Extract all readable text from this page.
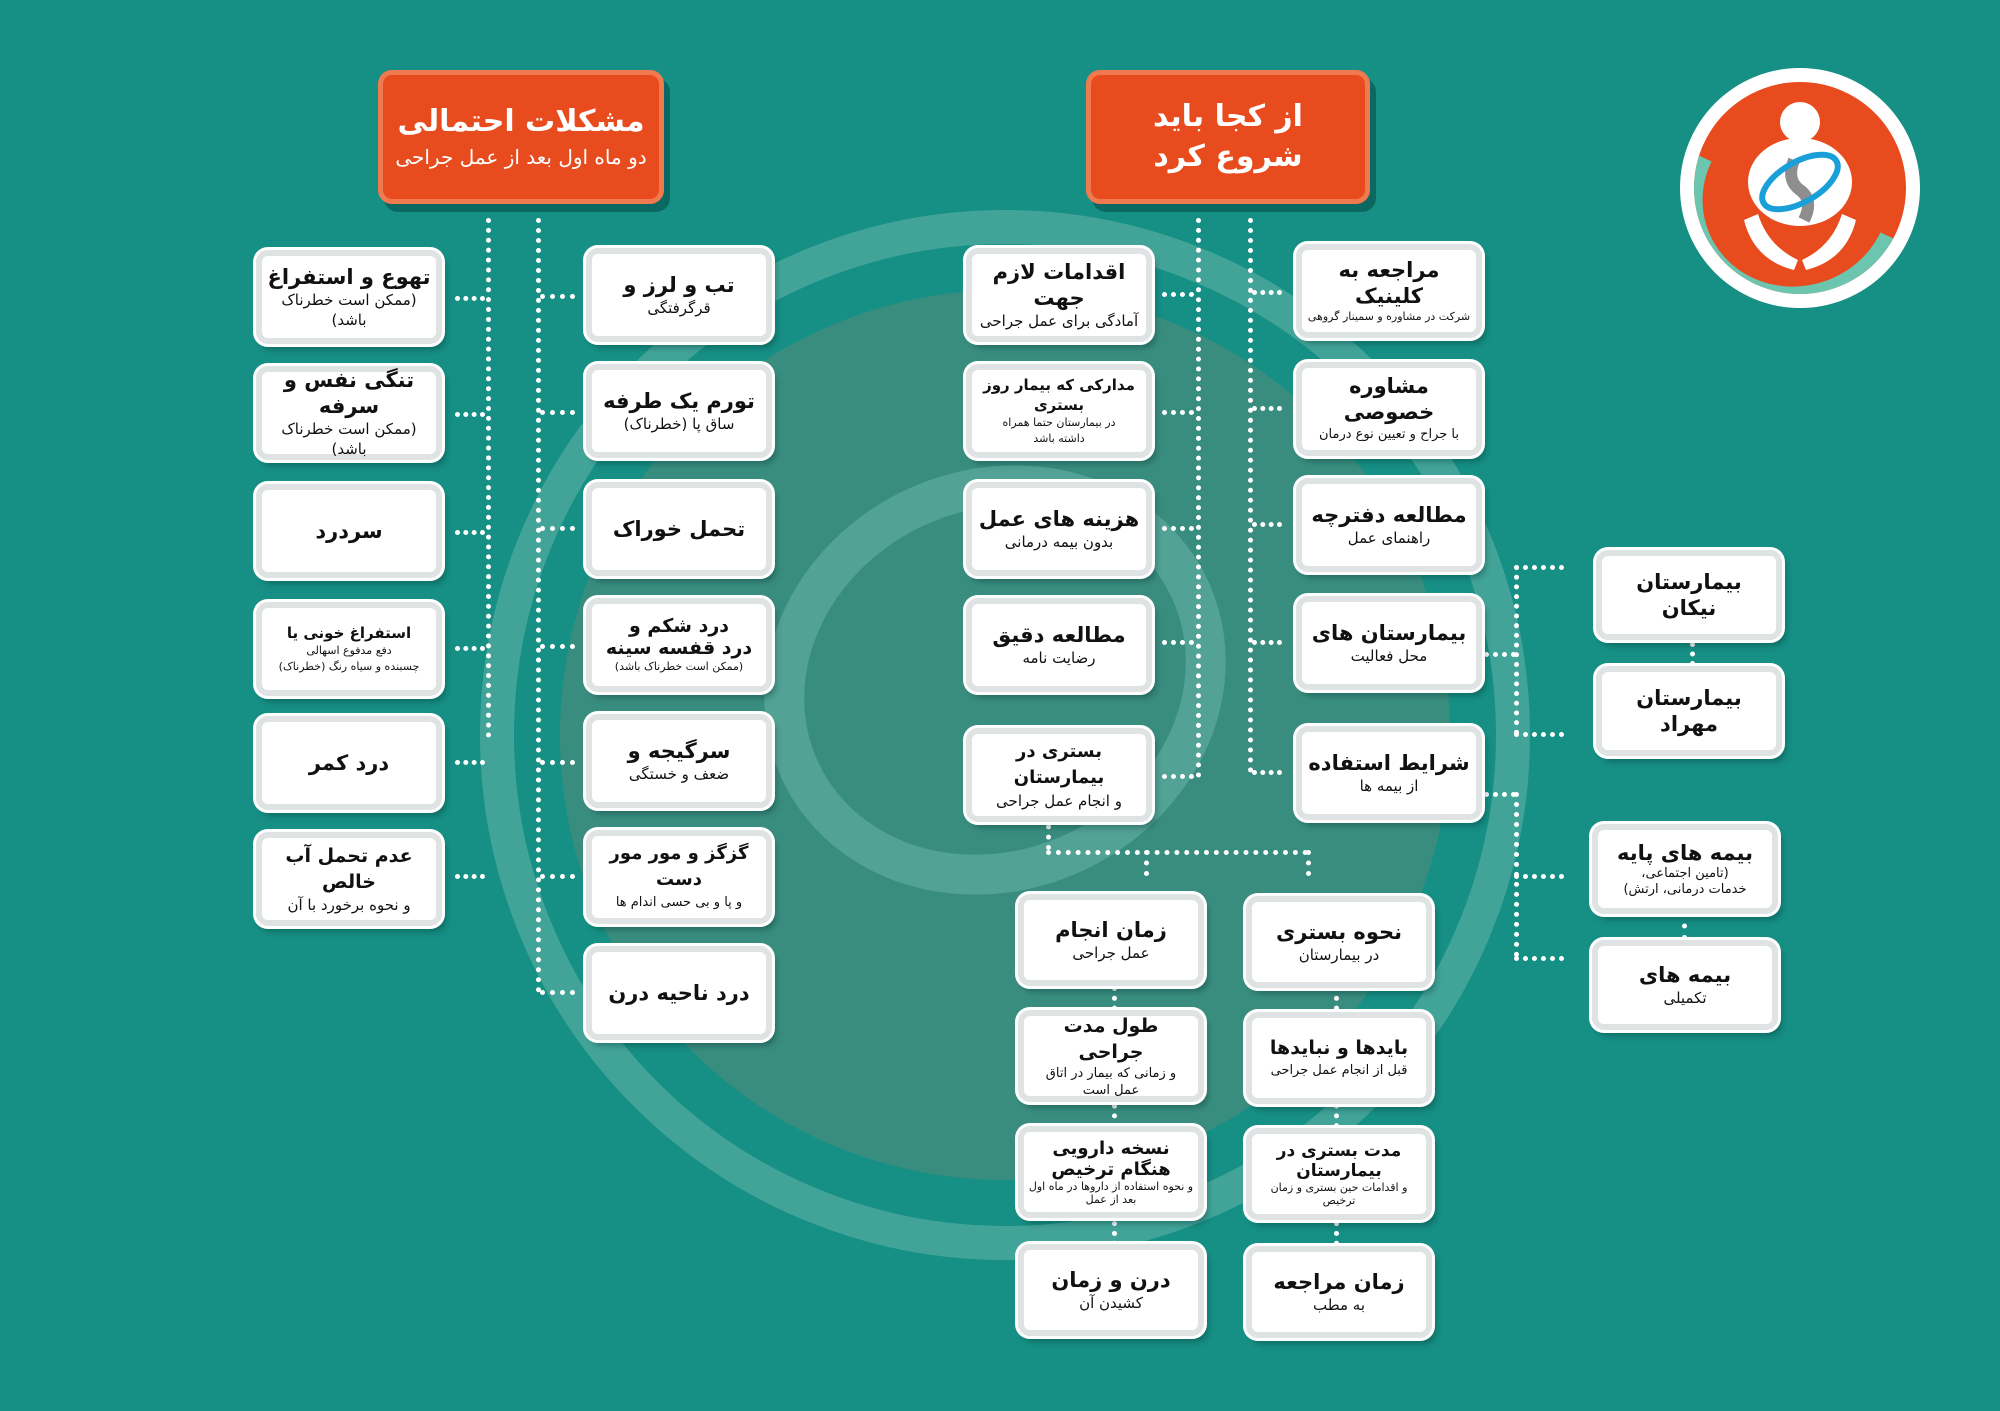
مشکلات احتمالی
دو ماه اول بعد از عمل جراحی
از کجا باید
شروع کرد
تهوع و استفراغ
(ممکن است خطرناک باشد)
تنگی نفس و سرفه
(ممکن است خطرناک باشد)
سردرد
استفراغ خونی یا
دفع مدفوع اسهالی
چسبنده و سیاه رنگ (خطرناک)
درد کمر
عدم تحمل آب خالص
و نحوه برخورد با آن
تب و لرز و
قرگرفتگی
تورم یک طرفه
ساق پا (خطرناک)
تحمل خوراک
درد شکم و
درد قفسه سینه
(ممکن است خطرناک باشد)
سرگیجه و
ضعف و خستگی
گزگز و مور مور دست
و پا و بی حسی اندام ها
درد ناحیه درن
اقدامات لازم جهت
آمادگی برای عمل جراحی
مدارکی که بیمار روز بستری
در بیمارستان حتما همراه
داشته باشد
هزینه های عمل
بدون بیمه درمانی
مطالعه دقیق
رضایت نامه
بستری در بیمارستان
و انجام عمل جراحی
مراجعه به کلینیک
شرکت در مشاوره و سمینار گروهی
مشاوره خصوصی
با جراح و تعیین نوع درمان
مطالعه دفترچه
راهنمای عمل
بیمارستان های
محل فعالیت
شرایط استفاده
از بیمه ها
بیمارستان نیکان
بیمارستان مهراد
بیمه های پایه
(تامین اجتماعی،
خدمات درمانی، ارتش)
بیمه های
تکمیلی
زمان انجام
عمل جراحی
طول مدت جراحی
و زمانی که بیمار در اتاق
عمل است
نسخه دارویی
هنگام ترخیص
و نحوه استفاده از داروها در ماه اول بعد از عمل
درن و زمان
کشیدن آن
نحوه بستری
در بیمارستان
بایدها و نبایدها
قبل از انجام عمل جراحی
مدت بستری در
بیمارستان
و اقدامات حین بستری و زمان ترخیص
زمان مراجعه
به مطب
